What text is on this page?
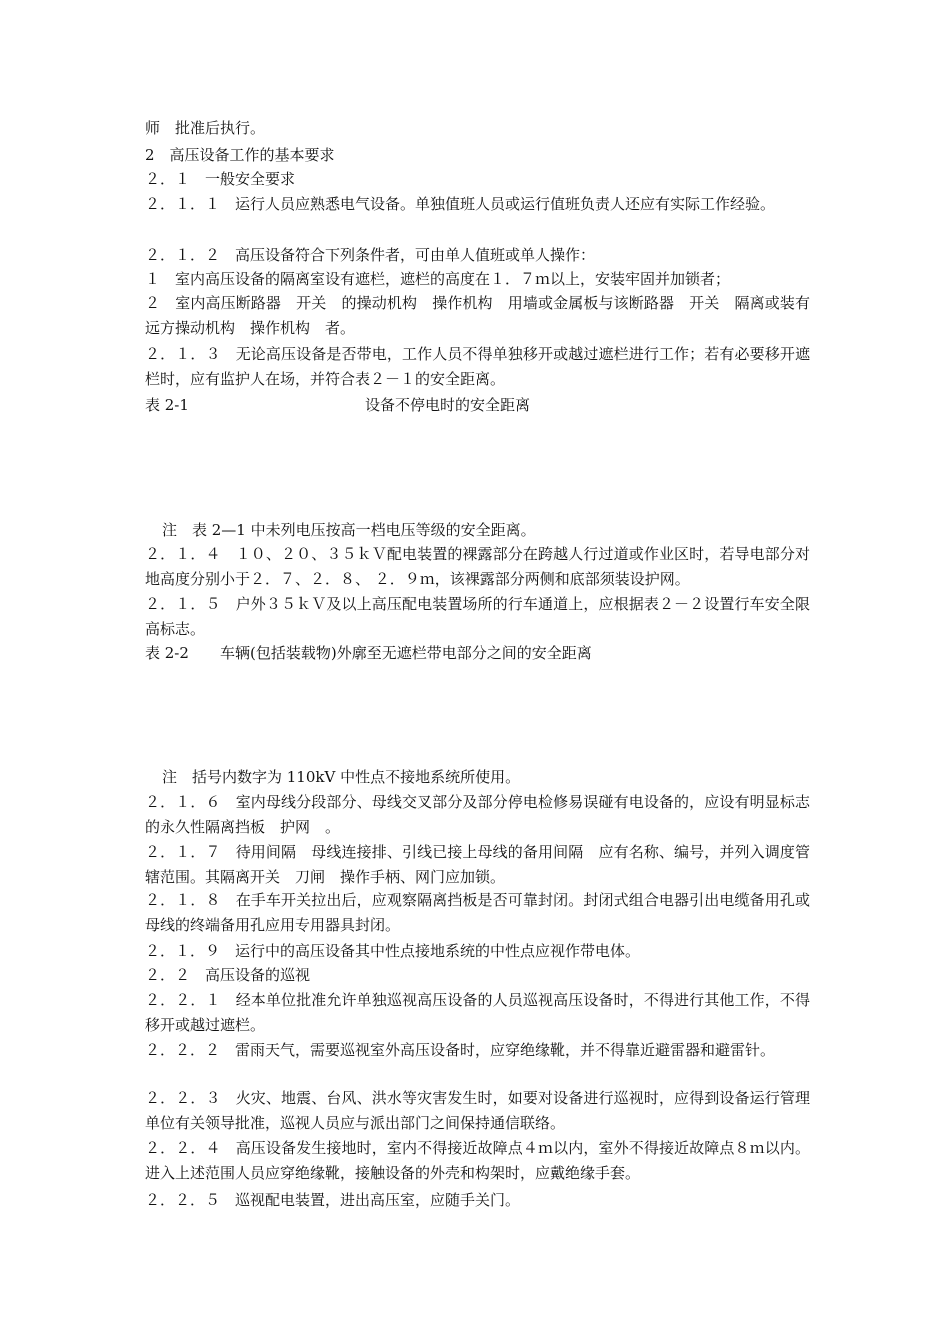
师　批准后执行。
2　高压设备工作的基本要求
２．１　一般安全要求
２．１．１　运行人员应熟悉电气设备。单独值班人员或运行值班负责人还应有实际工作经验。
２．１．２　高压设备符合下列条件者，可由单人值班或单人操作：
１　室内高压设备的隔离室设有遮栏，遮栏的高度在１．７ｍ以上，安装牢固并加锁者；
２　室内高压断路器　开关　的操动机构　操作机构　用墙或金属板与该断路器　开关　隔离或装有远方操动机构　操作机构　者。
２．１．３　无论高压设备是否带电，工作人员不得单独移开或越过遮栏进行工作；若有必要移开遮栏时，应有监护人在场，并符合表２－１的安全距离。
表 2-1	设备不停电时的安全距离
注　表 2—1 中未列电压按高一档电压等级的安全距离。
２．１．４　１０、２０、３５ｋＶ配电装置的裸露部分在跨越人行过道或作业区时，若导电部分对地高度分别小于２．７、２．８、 ２．９ｍ，该裸露部分两侧和底部须装设护网。
２．１．５　户外３５ｋＶ及以上高压配电装置场所的行车通道上，应根据表２－２设置行车安全限高标志。
表 2-2 车辆(包括装载物)外廓至无遮栏带电部分之间的安全距离
注　括号内数字为 110kV 中性点不接地系统所使用。
２．１．６　室内母线分段部分、母线交叉部分及部分停电检修易误碰有电设备的，应设有明显标志的永久性隔离挡板　护网　。
２．１．７　待用间隔　母线连接排、引线已接上母线的备用间隔　应有名称、编号，并列入调度管辖范围。其隔离开关　刀闸　操作手柄、网门应加锁。
２．１．８　在手车开关拉出后，应观察隔离挡板是否可靠封闭。封闭式组合电器引出电缆备用孔或母线的终端备用孔应用专用器具封闭。
２．１．９　运行中的高压设备其中性点接地系统的中性点应视作带电体。
２．２　高压设备的巡视
２．２．１　经本单位批准允许单独巡视高压设备的人员巡视高压设备时，不得进行其他工作，不得移开或越过遮栏。
２．２．２　雷雨天气，需要巡视室外高压设备时，应穿绝缘靴，并不得靠近避雷器和避雷针。
２．２．３　火灾、地震、台风、洪水等灾害发生时，如要对设备进行巡视时，应得到设备运行管理单位有关领导批准，巡视人员应与派出部门之间保持通信联络。
２．２．４　高压设备发生接地时，室内不得接近故障点４ｍ以内，室外不得接近故障点８ｍ以内。进入上述范围人员应穿绝缘靴，接触设备的外壳和构架时，应戴绝缘手套。
２．２．５　巡视配电装置，进出高压室，应随手关门。
